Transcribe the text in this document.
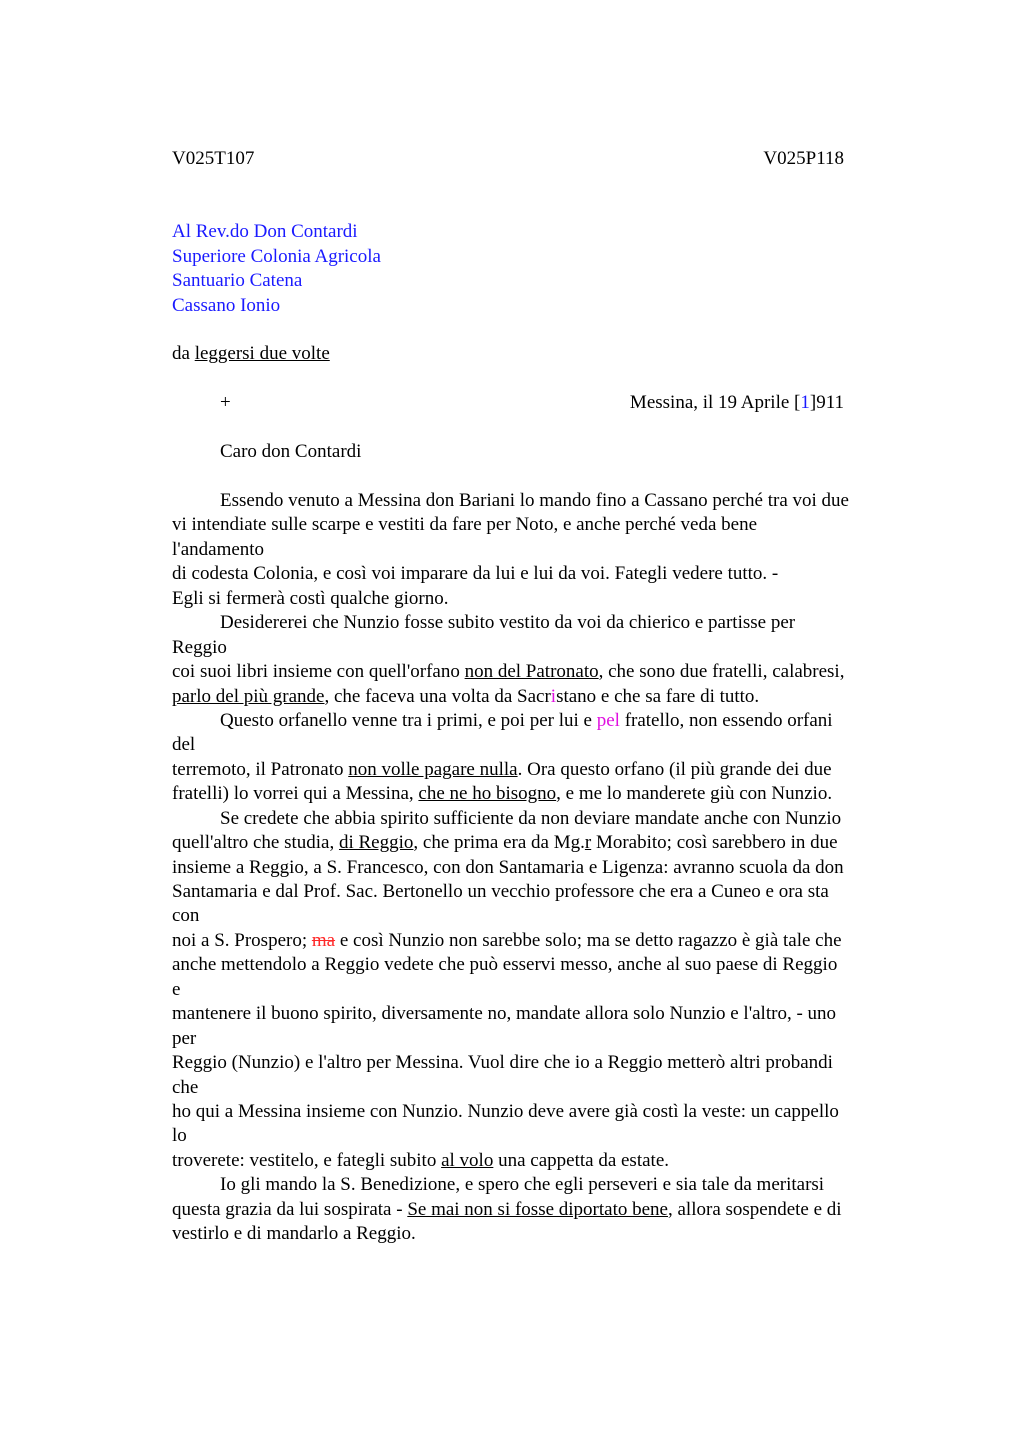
V025T107	V025P118
Al Rev.do Don Contardi
Superiore Colonia Agricola
Santuario Catena
Cassano Ionio
da leggersi due volte
+	Messina, il 19 Aprile [1]911
Caro don Contardi
Essendo venuto a Messina don Bariani lo mando fino a Cassano perché tra voi due
vi intendiate sulle scarpe e vestiti da fare per Noto, e anche perché veda bene
l'andamento
di codesta Colonia, e così voi imparare da lui e lui da voi. Fategli vedere tutto. -
Egli si fermerà costì qualche giorno.
Desidererei che Nunzio fosse subito vestito da voi da chierico e partisse per
Reggio
coi suoi libri insieme con quell'orfano non del Patronato, che sono due fratelli, calabresi,
parlo del più grande, che faceva una volta da Sacristano e che sa fare di tutto.
Questo orfanello venne tra i primi, e poi per lui e pel fratello, non essendo orfani
del
terremoto, il Patronato non volle pagare nulla. Ora questo orfano (il più grande dei due
fratelli) lo vorrei qui a Messina, che ne ho bisogno, e me lo manderete giù con Nunzio.
Se credete che abbia spirito sufficiente da non deviare mandate anche con Nunzio
quell'altro che studia, di Reggio, che prima era da Mg.r Morabito; così sarebbero in due
insieme a Reggio, a S. Francesco, con don Santamaria e Ligenza: avranno scuola da don
Santamaria e dal Prof. Sac. Bertonello un vecchio professore che era a Cuneo e ora sta
con
noi a S. Prospero; ma e così Nunzio non sarebbe solo; ma se detto ragazzo è già tale che
anche mettendolo a Reggio vedete che può esservi messo, anche al suo paese di Reggio
e
mantenere il buono spirito, diversamente no, mandate allora solo Nunzio e l'altro, - uno
per
Reggio (Nunzio) e l'altro per Messina. Vuol dire che io a Reggio metterò altri probandi
che
ho qui a Messina insieme con Nunzio. Nunzio deve avere già costì la veste: un cappello
lo
troverete: vestitelo, e fategli subito al volo una cappetta da estate.
Io gli mando la S. Benedizione, e spero che egli perseveri e sia tale da meritarsi
questa grazia da lui sospirata - Se mai non si fosse diportato bene, allora sospendete e di
vestirlo e di mandarlo a Reggio.
